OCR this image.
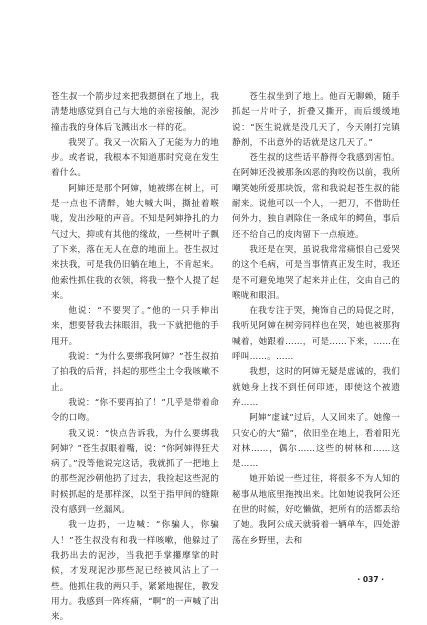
苍生叔一个箭步过来把我摁倒在了地上，我清楚地感觉到自己与大地的亲密接触，泥沙撞击我的身体后飞溅出水一样的花。

我哭了。我又一次陷入了无能为力的地步。或者说，我根本不知道那时究竟在发生着什么。

阿婶还是那个阿婶，她被绑在树上，可是一点也不清醉，她大喊大叫，撕扯着喉咙，发出沙哑的声音。不知是阿婶挣扎的力气过大，抑或有其他的缘故，一些树叶子飘了下来，落在无人在意的地面上。苍生叔过来扶我，可是我仍旧躺在地上，不肯起来。他索性抓住我的衣领，将我一整个人提了起来。

他说：“不要哭了。”他的一只手伸出来，想要替我去抹眼泪，我一下就把他的手甩开。

我说：“为什么要绑我阿婶？”苍生叔拍了拍我的后背，抖起的那些尘土令我咳嗽不止。

我说：“你不要再拍了！”几乎是带着命令的口吻。

我又说：“快点告诉我，为什么要绑我阿婶？”苍生叔眼着嘴，说：“你阿婶得狂犬病了。”没等他说完这话，我就抓了一把地上的那些泥沙朝他扔了过去，我捡起这些泥的时候抓起的是那样深，以至于指甲间的缝隙没有感到一丝漏风。

我一边扔，一边喊：“你骗人，你骗人！”苍生叔没有和我一样咳嗽，他躲过了我扔出去的泥沙，当我把手掌攥摩挲的时候，才发现泥沙那些泥已经被风沾上了一些。他抓住我的两只手，紧紧地握住，教发用力。我感到一阵疼痛，“啊”的一声喊了出来。

苍生叔坐到了地上。他百无聊赖，随手抓起一片叶子，折叠又撕开，而后缓缓地说：“医生说就是没几天了，今天刚打完镇静剂，不出意外的话就是这几天了。”

苍生叔的这些话平静得令我感到害怕。在阿婶还没被那条凶恶的狗咬伤以前，我所嘲笑她所爱那块饭，常和我说起苍生叔的能耐来。说他可以一个人，一把刀，不借助任何外力，独自剥除住一条成年的鳄鱼，事后还不给自己的皮肉留下一点痕迹。

我还是在哭，虽说我常常痛恨自己爱哭的这个毛病，可是当事情真正发生时，我还是不可避免地哭了起来并止住，交由自己的喉咙和眼泪。

在我专注于哭，掩饰自己的局促之时，我听见阿婶在树旁同样也在哭，她也被那狗喊着，她跟着……，可是……下来，……在呼叫……。……

我想，这时的阿婶无疑是虚诚的，我们就她身上找不到任何印迹，即使这个被遗弃……

阿婶“虚诚”过后，人又回来了。她像一只安心的大“猫”，依旧坐在地上，看着阳光对林……，偶尔……这些的树林和……这是……

她开始说一些过往，将很多不为人知的秘事从地底里拖拽出来。比如她说我阿公还在世的时候，好吃懒做，把所有的活都丢给了她。我阿公成天就骑着一辆单车，四处游荡在乡野里，去和

· 037 ·
